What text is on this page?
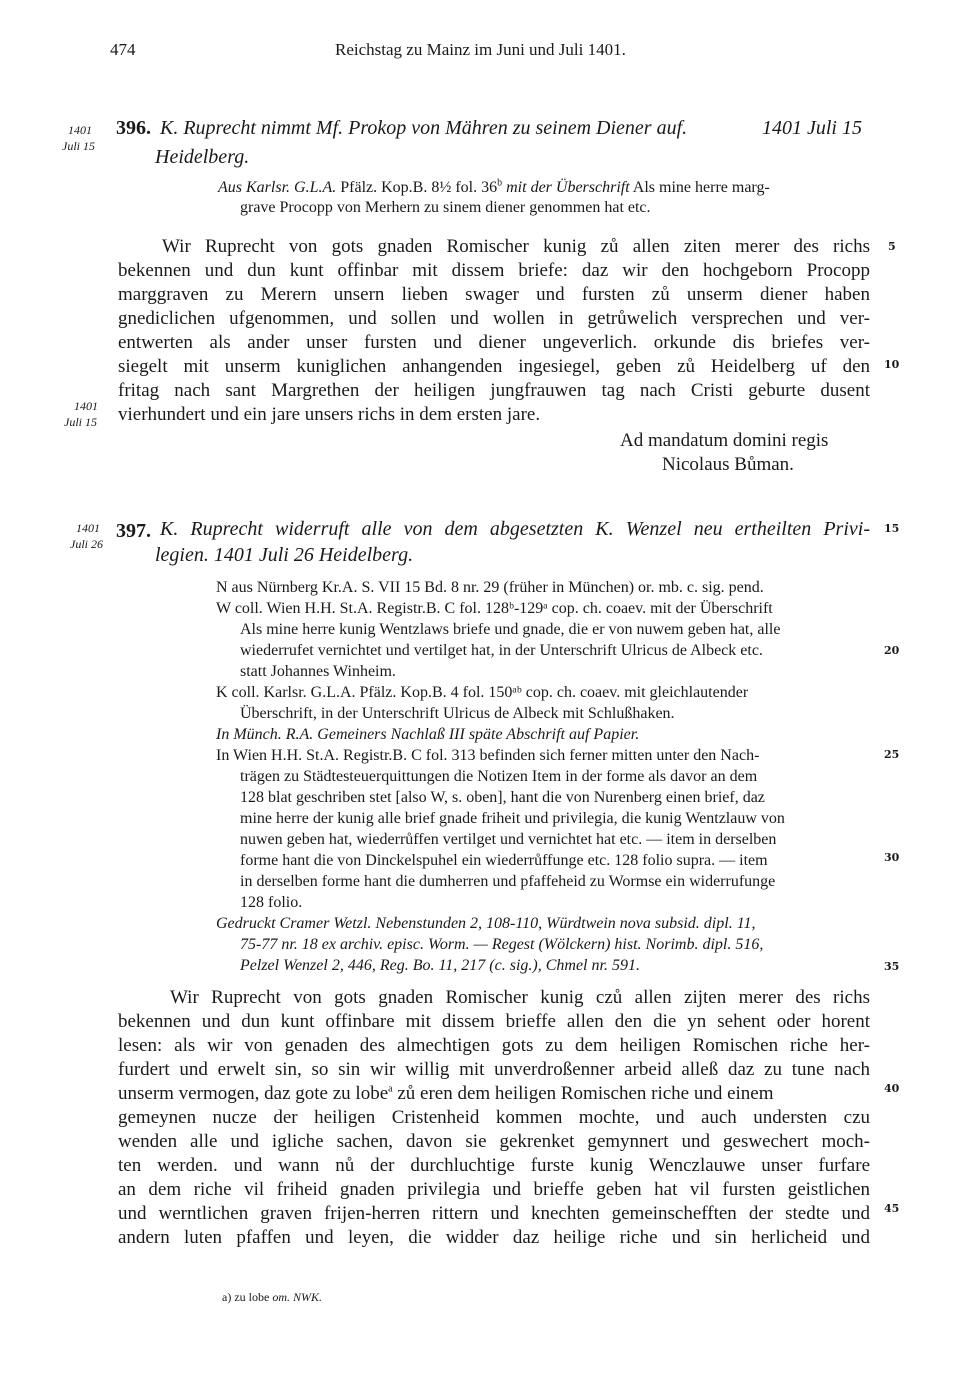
474	Reichstag zu Mainz im Juni und Juli 1401.
1401
Juli 15
396. K. Ruprecht nimmt Mf. Prokop von Mähren zu seinem Diener auf.	1401 Juli 15
Heidelberg.
Aus Karlsr. G.L.A. Pfälz. Kop.B. 8½ fol. 36$^b$ mit der Überschrift Als mine herre marg-
grave Procopp von Merhern zu sinem diener genommen hat etc.
Wir Ruprecht von gots gnaden Romischer kunig zů allen ziten merer des richs
bekennen und dun kunt offinbar mit dissem briefe: daz wir den hochgeborn Procopp
marggraven zu Merern unsern lieben swager und fursten zů unserm diener haben
gnediclichen ufgenommen, und sollen und wollen in getrůwelich versprechen und ver-
entwerten als ander unser fursten und diener ungeverlich. orkunde dis briefes ver-
siegelt mit unserm kuniglichen anhangenden ingesiegel, geben zů Heidelberg uf den
fritag nach sant Margrethen der heiligen jungfrauwen tag nach Cristi geburte dusent
vierhundert und ein jare unsers richs in dem ersten jare.
1401
Juli 15
Ad mandatum domini regis
Nicolaus Bůman.
1401
Juli 26
397. K. Ruprecht widerruft alle von dem abgesetzten K. Wenzel neu ertheilten Privi-
legien. 1401 Juli 26 Heidelberg.
N aus Nürnberg Kr.A. S. VII 15 Bd. 8 nr. 29 (früher in München) or. mb. c. sig. pend.
W coll. Wien H.H. St.A. Registr.B. C fol. 128ᵇ-129ᵃ cop. ch. coaev. mit der Überschrift
Als mine herre kunig Wentzlaws briefe und gnade, die er von nuwem geben hat, alle
wiederrufet vernichtet und vertilget hat, in der Unterschrift Ulricus de Albeck etc.
statt Johannes Winheim.
K coll. Karlsr. G.L.A. Pfälz. Kop.B. 4 fol. 150ᵃᵇ cop. ch. coaev. mit gleichlautender
Überschrift, in der Unterschrift Ulricus de Albeck mit Schlußhaken.
In Münch. R.A. Gemeiners Nachlaß III späte Abschrift auf Papier.
In Wien H.H. St.A. Registr.B. C fol. 313 befinden sich ferner mitten unter den Nach-
trägen zu Städtesteuerquittungen die Notizen Item in der forme als davor an dem
128 blat geschriben stet [also W, s. oben], hant die von Nurenberg einen brief, daz
mine herre der kunig alle brief gnade friheit und privilegia, die kunig Wentzlauw von
nuwen geben hat, wiederrůffen vertilget und vernichtet hat etc. — item in derselben
forme hant die von Dinckelspuhel ein wiederrůffunge etc. 128 folio supra. — item
in derselben forme hant die dumherren und pfaffeheid zu Wormse ein widerrufunge
128 folio.
Gedruckt Cramer Wetzl. Nebenstunden 2, 108-110, Würdtwein nova subsid. dipl. 11,
75-77 nr. 18 ex archiv. episc. Worm. — Regest (Wölckern) hist. Norimb. dipl. 516,
Pelzel Wenzel 2, 446, Reg. Bo. 11, 217 (c. sig.), Chmel nr. 591.
Wir Ruprecht von gots gnaden Romischer kunig czů allen zijten merer des richs
bekennen und dun kunt offinbare mit dissem brieffe allen den die yn sehent oder horent
lesen: als wir von genaden des almechtigen gots zu dem heiligen Romischen riche her-
furdert und erwelt sin, so sin wir willig mit unverdroßenner arbeid alleß daz zu tune nach
unserm vermogen, daz gote zu lobe$^a$ zů eren dem heiligen Romischen riche und einem
gemeynen nucze der heiligen Cristenheid kommen mochte, und auch understen czu
wenden alle und igliche sachen, davon sie gekrenket gemynnert und geswechert moch-
ten werden. und wann nů der durchluchtige furste kunig Wenczlauwe unser furfare
an dem riche vil friheid gnaden privilegia und brieffe geben hat vil fursten geistlichen
und werntlichen graven frijen-herren rittern und knechten gemeinschefften der stedte und
andern luten pfaffen und leyen, die widder daz heilige riche und sin herlicheid und
a) zu lobe om. NWK.
5
10
15
20
25
30
35
40
45
